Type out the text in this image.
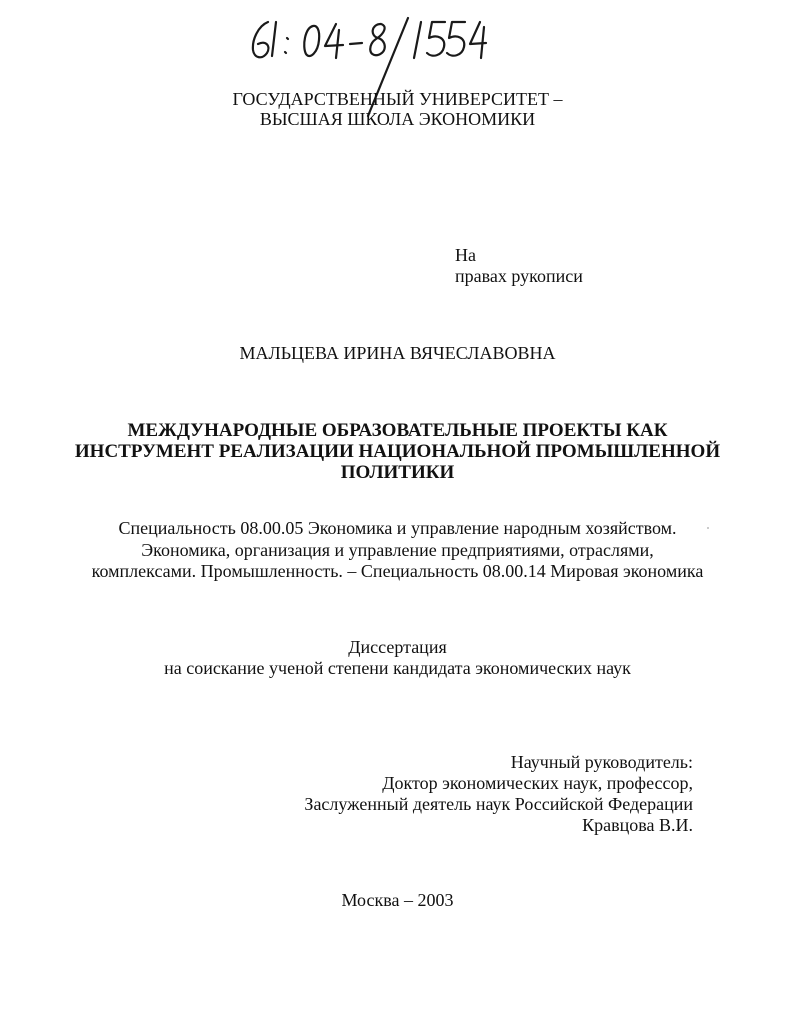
ГОСУДАРСТВЕННЫЙ УНИВЕРСИТЕТ –
ВЫСШАЯ ШКОЛА ЭКОНОМИКИ
На
правах рукописи
МАЛЬЦЕВА ИРИНА ВЯЧЕСЛАВОВНА
МЕЖДУНАРОДНЫЕ ОБРАЗОВАТЕЛЬНЫЕ ПРОЕКТЫ КАК
ИНСТРУМЕНТ РЕАЛИЗАЦИИ НАЦИОНАЛЬНОЙ ПРОМЫШЛЕННОЙ
ПОЛИТИКИ
Специальность 08.00.05 Экономика и управление народным хозяйством.
Экономика, организация и управление предприятиями, отраслями,
комплексами. Промышленность. – Специальность 08.00.14 Мировая экономика
Диссертация
на соискание ученой степени кандидата экономических наук
Научный руководитель:
Доктор экономических наук, профессор,
Заслуженный деятель наук Российской Федерации
Кравцова В.И.
Москва – 2003
